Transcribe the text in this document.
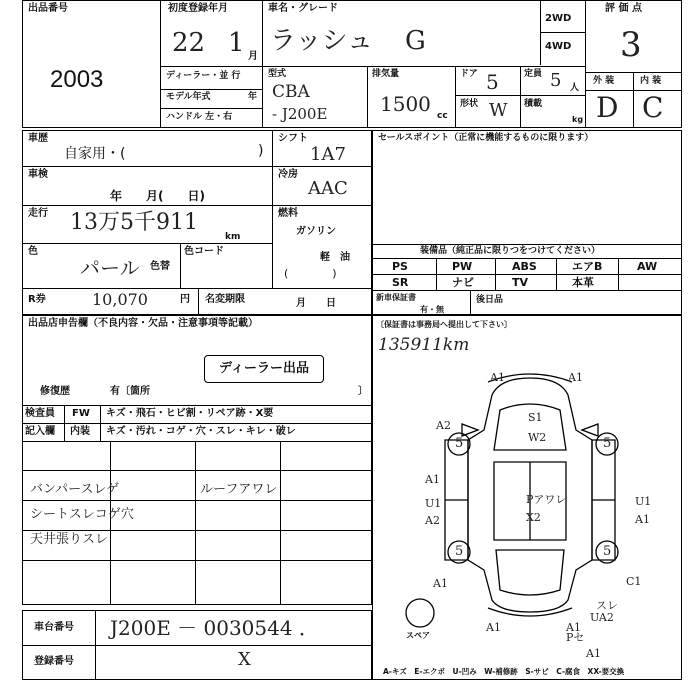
出品番号
2003
初度登録年月
22 1 月
車名・グレード
ラッシュ G
2WD
4WD
評 価 点
3
ディーラー・並 行
モデル年式	年
ハンドル 左・右
型式
CBA
- J200E
排気量
1500 cc
ドア 5	定員 5 人
形状 W 積載
kg
外 装	内 装
D C
車歴
自家用・(	)
車検
年　　月(　　日)
走行 13万5千911
km
色
パール
色コード
色替
シフト
1A7
冷房
AAC
燃料
ガソリン
軽　油
(　　　　)
R券	10,070	円 名変期限	月　　日
セールスポイント（正常に機能するものに限ります）
装備品（純正品に限りつをつけてください）
PS	PW	ABS	エアB	AW
SR	ナビ	TV	本革
新車保証書
有・無
後日品
〔保証書は事務局へ提出して下さい〕
135911km
出品店申告欄（不良内容・欠品・注意事項等記載）
ディーラー出品
修復歴	有〔箇所	〕
検査員
記入欄
FW キズ・飛石・ヒビ割・リペア跡・X要
内装 キズ・汚れ・コゲ・穴・スレ・キレ・破レ
バンパースレゲ
シートスレコゲ穴
天井張りスレ
ルーフアワレ
A1	A1
S1
W2
A2
5	5
A1
U1
A2
U1
A1
Pアワレ
X2
5	5
A1	C1
A1	A1
スレ
UA2
Pセ
A1
スペア
A-キズ　E-エクボ　U-凹み　W-補修跡　S-サビ　C-腐食　XX-要交換
車台番号 J200E － 0030544 ．
登録番号	X
